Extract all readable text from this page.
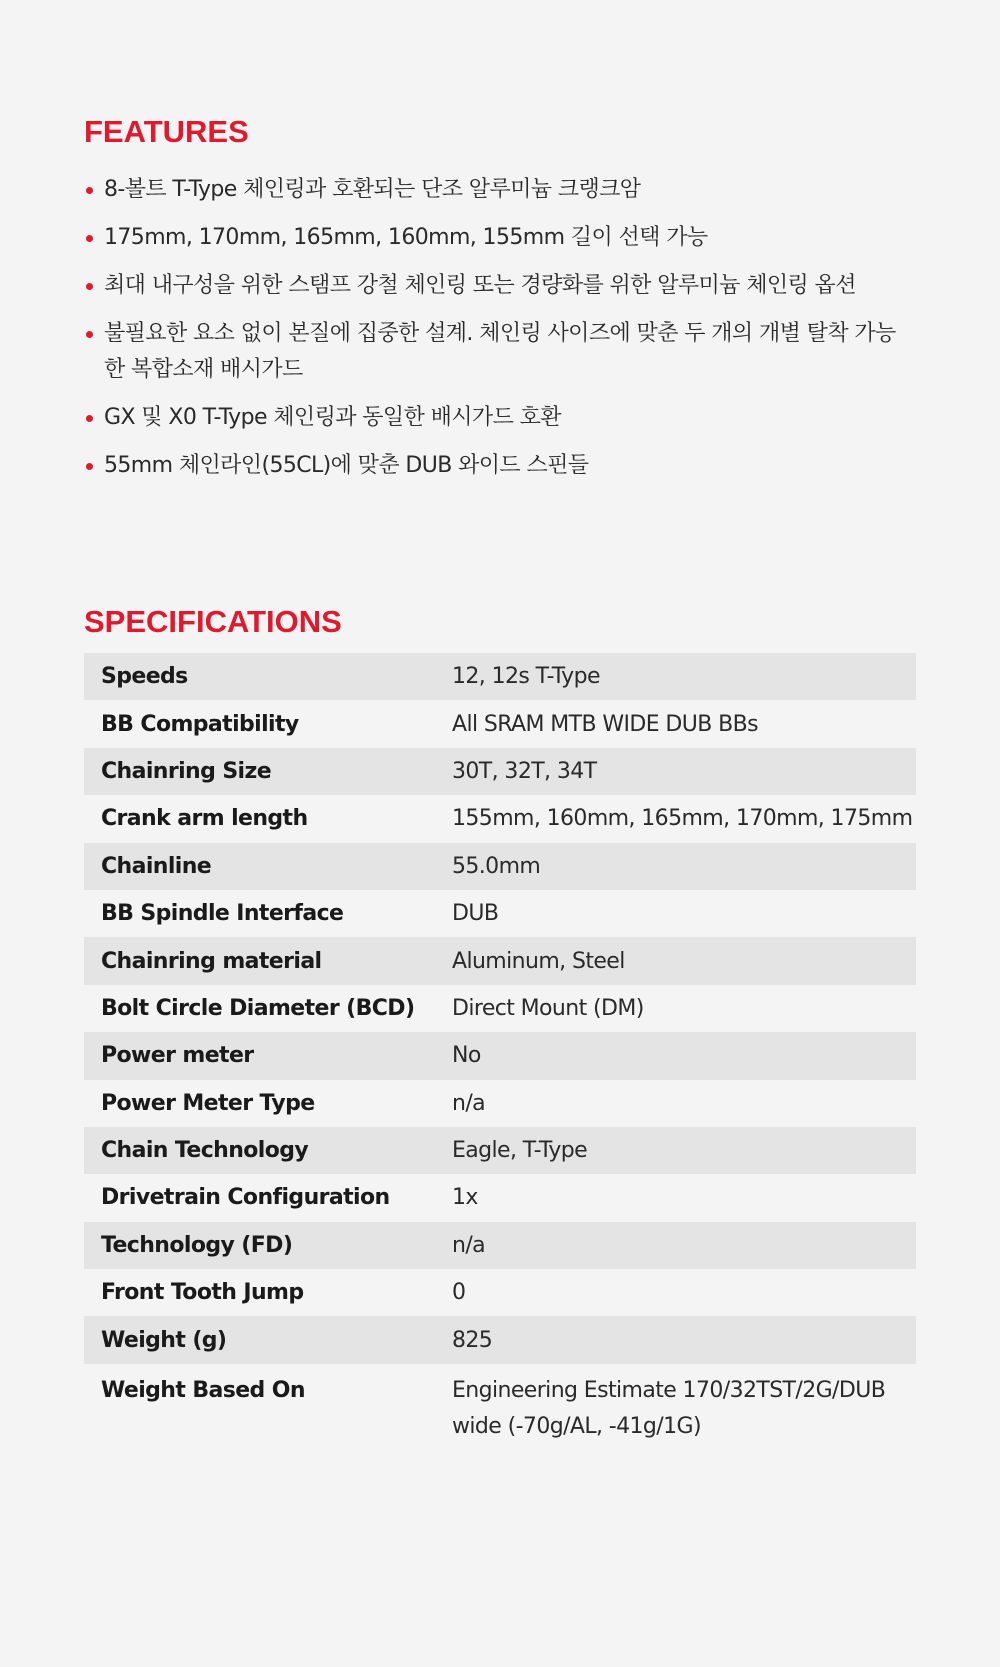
FEATURES
8-볼트 T-Type 체인링과 호환되는 단조 알루미늄 크랭크암
175mm, 170mm, 165mm, 160mm, 155mm 길이 선택 가능
최대 내구성을 위한 스탬프 강철 체인링 또는 경량화를 위한 알루미늄 체인링 옵션
불필요한 요소 없이 본질에 집중한 설계. 체인링 사이즈에 맞춘 두 개의 개별 탈착 가능한 복합소재 배시가드
GX 및 X0 T-Type 체인링과 동일한 배시가드 호환
55mm 체인라인(55CL)에 맞춘 DUB 와이드 스핀들
SPECIFICATIONS
Speeds	12, 12s T-Type
BB Compatibility	All SRAM MTB WIDE DUB BBs
Chainring Size	30T, 32T, 34T
Crank arm length	155mm, 160mm, 165mm, 170mm, 175mm
Chainline	55.0mm
BB Spindle Interface	DUB
Chainring material	Aluminum, Steel
Bolt Circle Diameter (BCD)	Direct Mount (DM)
Power meter	No
Power Meter Type	n/a
Chain Technology	Eagle, T-Type
Drivetrain Configuration	1x
Technology (FD)	n/a
Front Tooth Jump	0
Weight (g)	825
Weight Based On	Engineering Estimate 170/32TST/2G/DUB wide (-70g/AL, -41g/1G)
